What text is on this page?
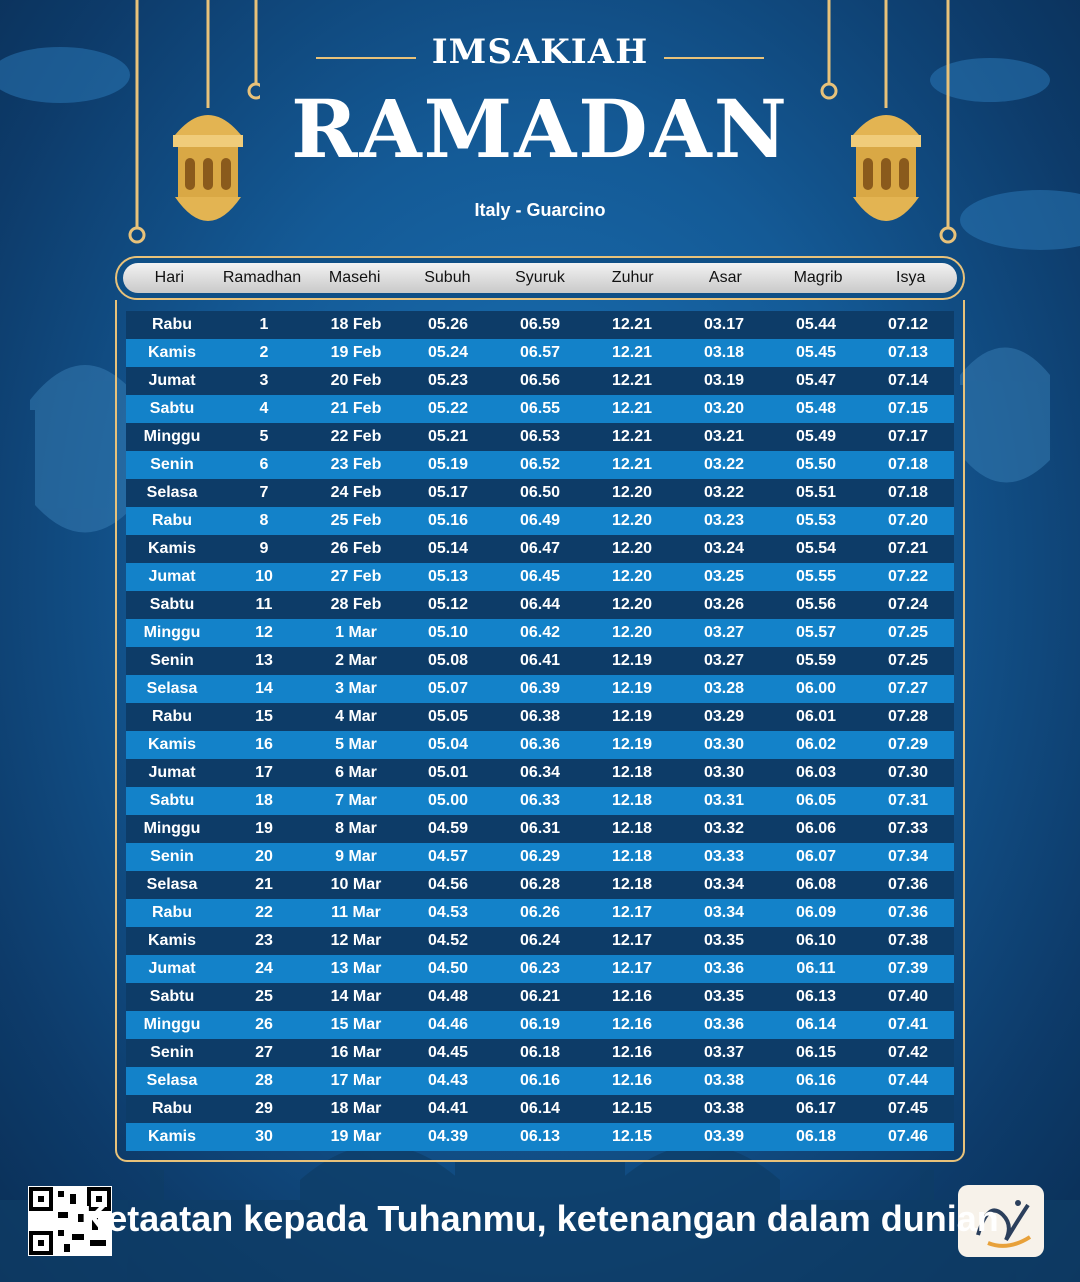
IMSAKIAH
RAMADAN
Italy - Guarcino
Hari	Ramadhan	Masehi	Subuh	Syuruk	Zuhur	Asar	Magrib	Isya
Rabu	1	18 Feb	05.26	06.59	12.21	03.17	05.44	07.12
Kamis	2	19 Feb	05.24	06.57	12.21	03.18	05.45	07.13
Jumat	3	20 Feb	05.23	06.56	12.21	03.19	05.47	07.14
Sabtu	4	21 Feb	05.22	06.55	12.21	03.20	05.48	07.15
Minggu	5	22 Feb	05.21	06.53	12.21	03.21	05.49	07.17
Senin	6	23 Feb	05.19	06.52	12.21	03.22	05.50	07.18
Selasa	7	24 Feb	05.17	06.50	12.20	03.22	05.51	07.18
Rabu	8	25 Feb	05.16	06.49	12.20	03.23	05.53	07.20
Kamis	9	26 Feb	05.14	06.47	12.20	03.24	05.54	07.21
Jumat	10	27 Feb	05.13	06.45	12.20	03.25	05.55	07.22
Sabtu	11	28 Feb	05.12	06.44	12.20	03.26	05.56	07.24
Minggu	12	1 Mar	05.10	06.42	12.20	03.27	05.57	07.25
Senin	13	2 Mar	05.08	06.41	12.19	03.27	05.59	07.25
Selasa	14	3 Mar	05.07	06.39	12.19	03.28	06.00	07.27
Rabu	15	4 Mar	05.05	06.38	12.19	03.29	06.01	07.28
Kamis	16	5 Mar	05.04	06.36	12.19	03.30	06.02	07.29
Jumat	17	6 Mar	05.01	06.34	12.18	03.30	06.03	07.30
Sabtu	18	7 Mar	05.00	06.33	12.18	03.31	06.05	07.31
Minggu	19	8 Mar	04.59	06.31	12.18	03.32	06.06	07.33
Senin	20	9 Mar	04.57	06.29	12.18	03.33	06.07	07.34
Selasa	21	10 Mar	04.56	06.28	12.18	03.34	06.08	07.36
Rabu	22	11 Mar	04.53	06.26	12.17	03.34	06.09	07.36
Kamis	23	12 Mar	04.52	06.24	12.17	03.35	06.10	07.38
Jumat	24	13 Mar	04.50	06.23	12.17	03.36	06.11	07.39
Sabtu	25	14 Mar	04.48	06.21	12.16	03.35	06.13	07.40
Minggu	26	15 Mar	04.46	06.19	12.16	03.36	06.14	07.41
Senin	27	16 Mar	04.45	06.18	12.16	03.37	06.15	07.42
Selasa	28	17 Mar	04.43	06.16	12.16	03.38	06.16	07.44
Rabu	29	18 Mar	04.41	06.14	12.15	03.38	06.17	07.45
Kamis	30	19 Mar	04.39	06.13	12.15	03.39	06.18	07.46
Ketaatan kepada Tuhanmu, ketenangan dalam dunian
